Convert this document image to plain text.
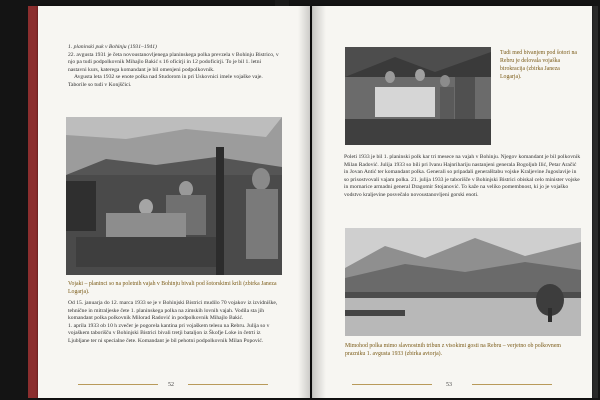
1. planinski puk v Bohinju (1931–1941)

22. avgusta 1931 je četa novoustanovljenega planinskega polka prevzela v Bohinju Bistrico, v njo pa tudi podpolkovnik Mihajlo Bakić s 16 oficirji in 12 podoficirji. To je bil 1. letni nastavni kurs, katerega komandant je bil omenjeni podpolkovnik.

Avgusta leta 1932 se enote polka nad Studorom in pri Uskovnici imele vojaške vaje. Taborile so tudi v Konjščici.

Vojaki – planinci so na poletnih vajah v Bohinju bivali pod šotorskimi krili (zbirka Janeza Logarja).

Od 15. januarja do 12. marca 1933 se je v Bohinjski Bistrici mudilo 70 vojakov iz izvidniške, tehnične in mitraljeske čete 1. planinskega polka na zimskih lovnih vajah. Vodila sta jih komandant polka polkovnik Milorad Radović in podpolkovnik Mihajlo Bakić.

1. aprila 1933 ob 10 h zvečer je pogorela kantina pri vojaškem telesu na Rebru. Julija so v vojaškem taborišču v Bohinjski Bistrici bivali tretji bataljon iz Škofje Loke in četrti iz Ljubljane ter ni specialne čete. Komandant je bil pehotni podpolkovnik Milan Popović.

52

Tudi med bivanjem pod šotori na Rebru je delovala vojaška birokracija (zbirka Janeza Logarja).

Poleti 1933 je bil 1. planinski polk kar tri mesece na vajah v Bohinju. Njegov komandant je bil polkovnik Milan Radović. Julija 1933 so bili pri Ivanu Hajnrihariju nastanjeni generala Bogoljub Ilić, Petar Aračić in Jovan Antić ter komandant polka. Generali so pripadali generalštabu vojske Kraljevine Jugoslavije in so prisostvovali vajam polka. 21. julija 1933 je taborišče v Bohinjski Bistrici obiskal celo minister vojske in mornarice armadni general Dragomir Stojanović. To kaže na veliko pomembnost, ki jo je vojaško vodstvo kraljevine posvečalo novoustanovljeni gorski enoti.

Mimohod polka mimo slavnostnih tribun z visokimi gosti na Rebru – verjetno ob polkovnem prazniku 1. avgusta 1933 (zbirka avtorja).

53
